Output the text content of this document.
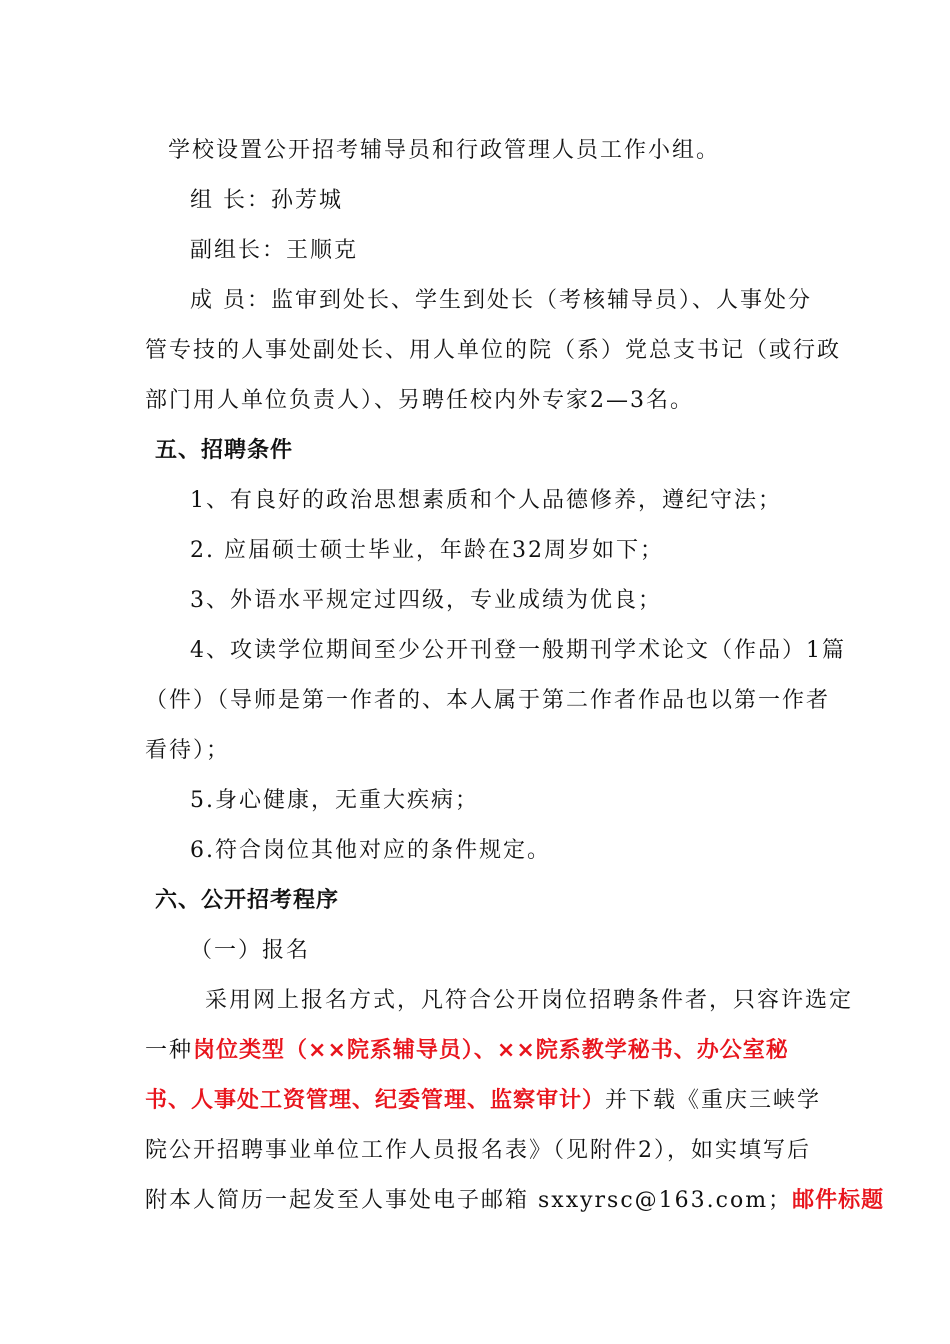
学校设置公开招考辅导员和行政管理人员工作小组。
组 长：孙芳城
副组长：王顺克
成 员：监审到处长、学生到处长（考核辅导员）、人事处分
管专技的人事处副处长、用人单位的院（系）党总支书记（或行政
部门用人单位负责人）、另聘任校内外专家2—3名。
五、招聘条件
1、有良好的政治思想素质和个人品德修养，遵纪守法；
2. 应届硕士硕士毕业，年龄在32周岁如下；
3、外语水平规定过四级，专业成绩为优良；
4、攻读学位期间至少公开刊登一般期刊学术论文（作品）1篇
（件）（导师是第一作者的、本人属于第二作者作品也以第一作者
看待）；
5.身心健康，无重大疾病；
6.符合岗位其他对应的条件规定。
六、公开招考程序
（一）报名
采用网上报名方式，凡符合公开岗位招聘条件者，只容许选定
一种岗位类型（××院系辅导员）、××院系教学秘书、办公室秘
书、人事处工资管理、纪委管理、监察审计）并下载《重庆三峡学
院公开招聘事业单位工作人员报名表》（见附件2），如实填写后
附本人简历一起发至人事处电子邮箱 sxxyrsc@163.com；邮件标题
